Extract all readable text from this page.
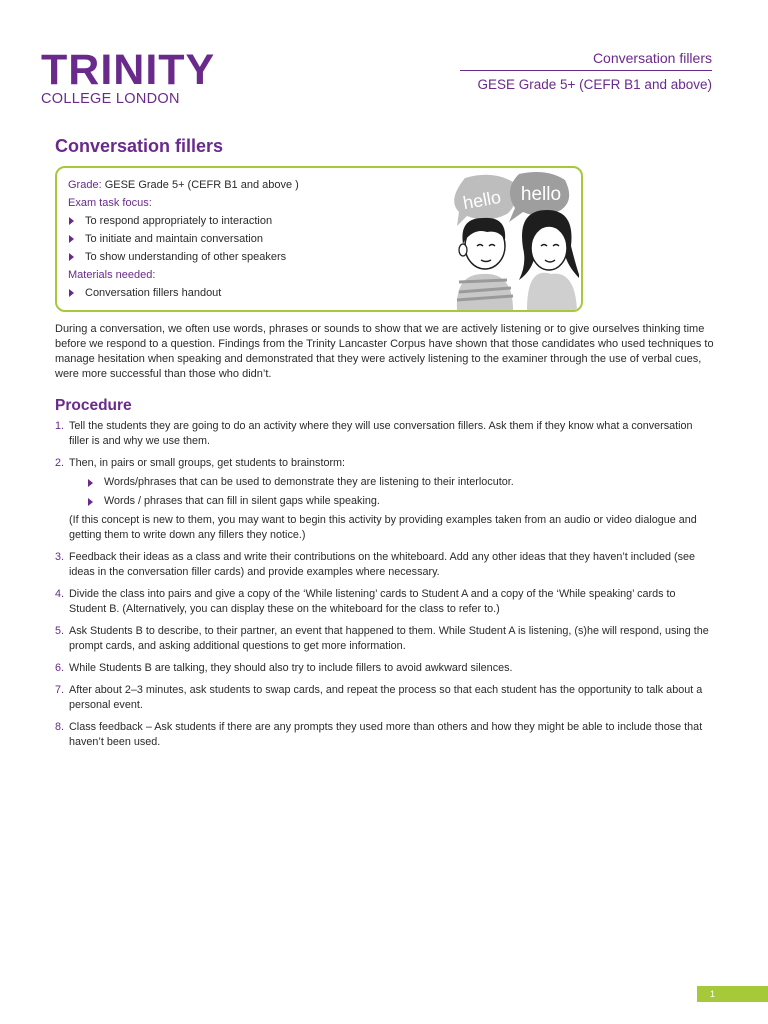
TRINITY
COLLEGE LONDON
Conversation fillers
GESE Grade 5+ (CEFR B1 and above)
Conversation fillers
Grade: GESE Grade 5+ (CEFR B1 and above )
Exam task focus:
To respond appropriately to interaction
To initiate and maintain conversation
To show understanding of other speakers
Materials needed:
Conversation fillers handout
hello hello

During a conversation, we often use words, phrases or sounds to show that we are actively listening or to give ourselves thinking time before we respond to a question. Findings from the Trinity Lancaster Corpus have shown that those candidates who used techniques to manage hesitation when speaking and demonstrated that they were actively listening to the examiner through the use of verbal cues, were more successful than those who didn’t.

Procedure
1. Tell the students they are going to do an activity where they will use conversation fillers. Ask them if they know what a conversation filler is and why we use them.
2. Then, in pairs or small groups, get students to brainstorm:
Words/phrases that can be used to demonstrate they are listening to their interlocutor.
Words / phrases that can fill in silent gaps while speaking.
(If this concept is new to them, you may want to begin this activity by providing examples taken from an audio or video dialogue and getting them to write down any fillers they notice.)
3. Feedback their ideas as a class and write their contributions on the whiteboard. Add any other ideas that they haven’t included (see ideas in the conversation filler cards) and provide examples where necessary.
4. Divide the class into pairs and give a copy of the ‘While listening’ cards to Student A and a copy of the ‘While speaking’ cards to Student B. (Alternatively, you can display these on the whiteboard for the class to refer to.)
5. Ask Students B to describe, to their partner, an event that happened to them. While Student A is listening, (s)he will respond, using the prompt cards, and asking additional questions to get more information.
6. While Students B are talking, they should also try to include fillers to avoid awkward silences.
7. After about 2–3 minutes, ask students to swap cards, and repeat the process so that each student has the opportunity to talk about a personal event.
8. Class feedback – Ask students if there are any prompts they used more than others and how they might be able to include those that haven’t been used.
1
